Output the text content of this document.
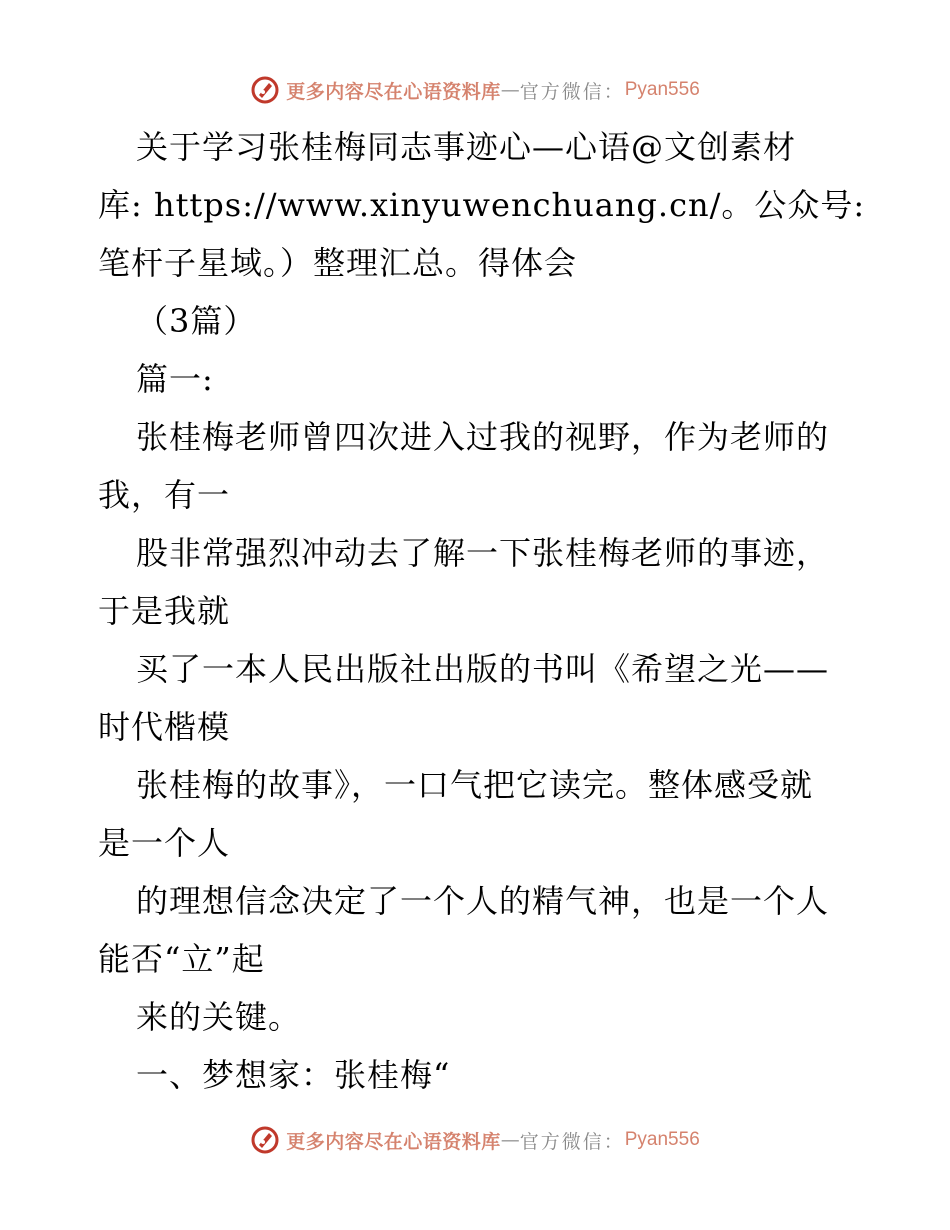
更多内容尽在心语资料库 — 官方微信： Pyan556
关于学习张桂梅同志事迹心—心语@文创素材
库: https://www.xinyuwenchuang.cn/。公众号:
笔杆子星域。）整理汇总。得体会
（3篇）
篇一:
张桂梅老师曾四次进入过我的视野，作为老师的
我，有一
股非常强烈冲动去了解一下张桂梅老师的事迹，
于是我就
买了一本人民出版社出版的书叫《希望之光——
时代楷模
张桂梅的故事》，一口气把它读完。整体感受就
是一个人
的理想信念决定了一个人的精气神，也是一个人
能否“立”起
来的关键。
一、梦想家：张桂梅“
更多内容尽在心语资料库 — 官方微信： Pyan556
